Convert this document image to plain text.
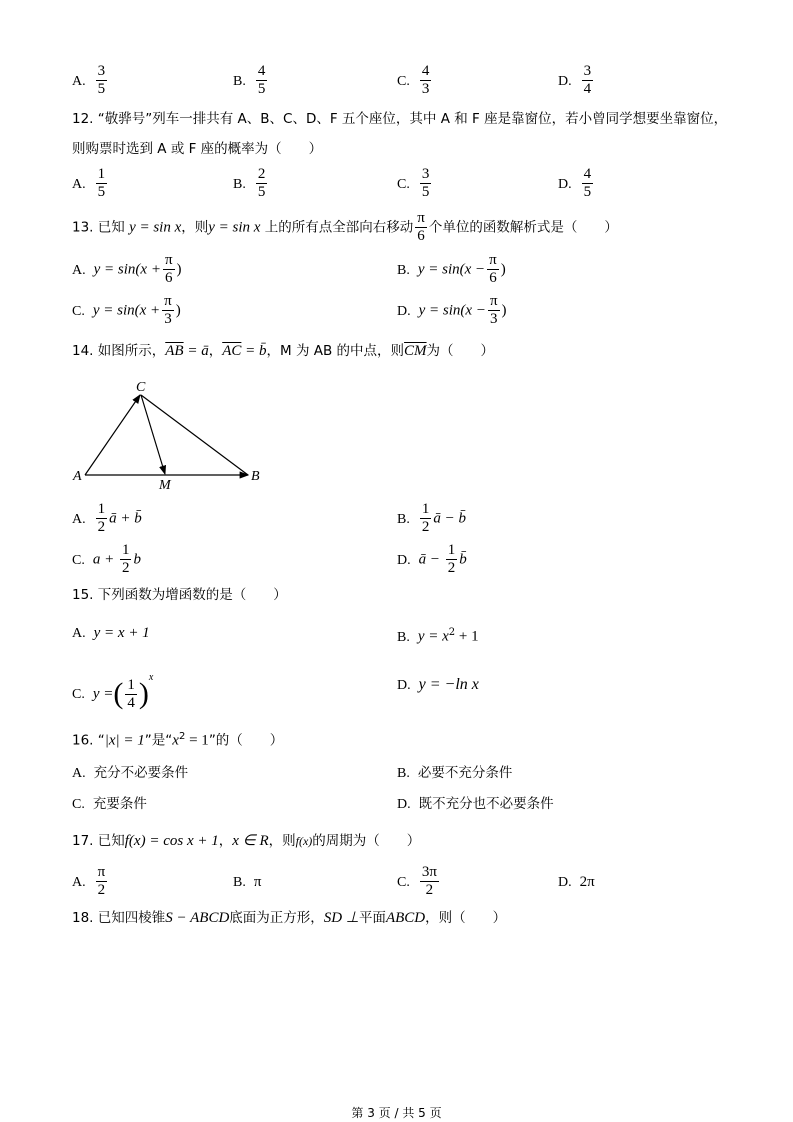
A. $\frac{3}{5}$	B. $\frac{4}{5}$	C. $\frac{4}{3}$	D. $\frac{3}{4}$
12. “敬骅号”列车一排共有 A、B、C、D、F 五个座位，其中 A 和 F 座是靠窗位，若小曾同学想要坐靠窗位，
则购票时选到 A 或 F 座的概率为（　　）
A. $\frac{1}{5}$	B. $\frac{2}{5}$	C. $\frac{3}{5}$	D. $\frac{4}{5}$
13. 已知 y = sin x，则y = sin x 上的所有点全部向右移动 $\frac{\pi}{6}$ 个单位的函数解析式是（　　）
A. $y = \sin(x + \frac{\pi}{6}$ )	B. $y = \sin(x - \frac{\pi}{6}$ )
C. $y = \sin(x + \frac{\pi}{3}$ )	D. $y = \sin(x - \frac{\pi}{3}$ )
14. 如图所示，$\overline{AB}$ = ā，$\overline{AC}$ = b̄，M 为 AB 的中点，则$\overline{CM}$为（　　）
C
A	B
M
A. $\frac{1}{2}$ ā + b̄	B. $\frac{1}{2}$ ā − b̄
C. $a + \frac{1}{2}$ b	D. ā − $\frac{1}{2}$ b̄
15. 下列函数为增函数的是（　　）
A. y = x + 1	B. $y = x^2 + 1$
C. y =( $\frac{1}{4} )^x$
D. y = −ln x
16. “|x| = 1”是“$x^2 = 1$”的（　　）
A. 充分不必要条件	B. 必要不充分条件
C. 充要条件	D. 既不充分也不必要条件
17. 已知f(x) = cos x + 1，x ∈ R，则f(x)的周期为（　　）
A. $\frac{\pi}{2}$	B. π	C. $\frac{3\pi}{2}$	D. 2π
18. 已知四棱锥S − ABCD底面为正方形，SD ⊥平面ABCD，则（　　）
第 3 页 / 共 5 页
